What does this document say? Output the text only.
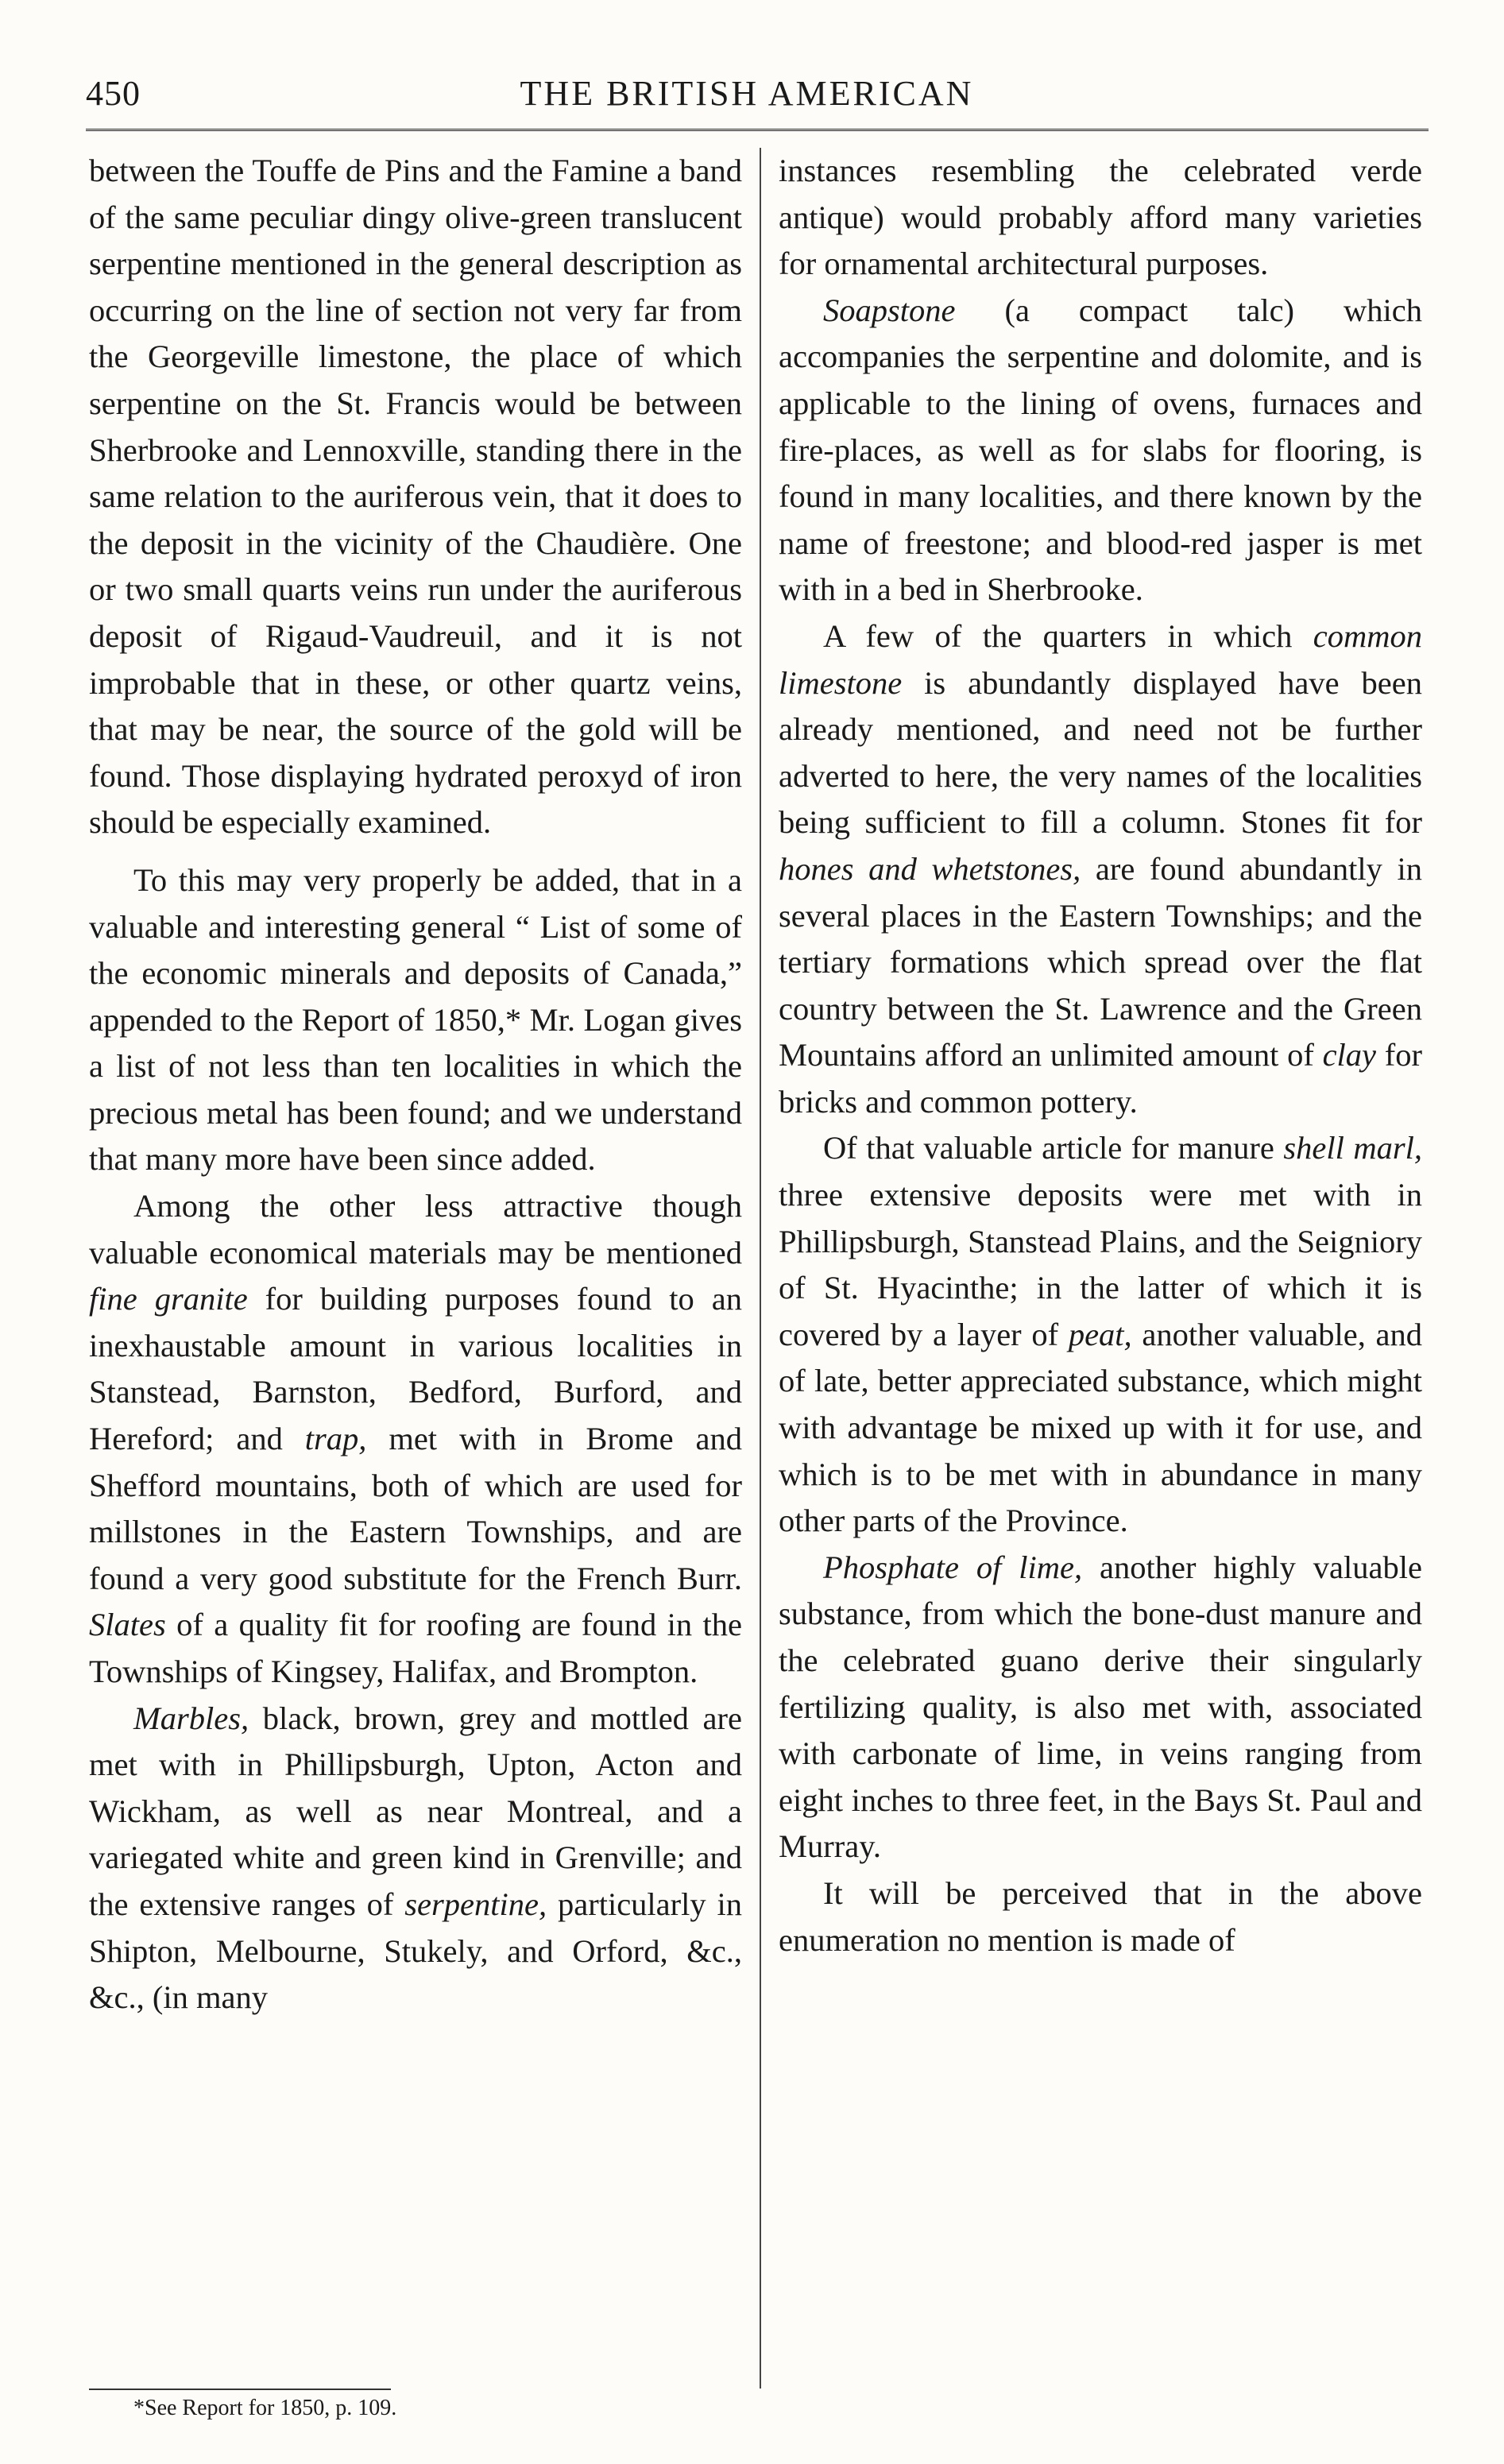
450	THE BRITISH AMERICAN

between the Touffe de Pins and the Famine a band of the same peculiar dingy olive-green translucent serpentine mentioned in the general description as occurring on the line of section not very far from the Georgeville limestone, the place of which serpentine on the St. Francis would be between Sherbrooke and Lennoxville, standing there in the same relation to the auriferous vein, that it does to the deposit in the vicinity of the Chaudière. One or two small quarts veins run under the auriferous deposit of Rigaud-Vaudreuil, and it is not improbable that in these, or other quartz veins, that may be near, the source of the gold will be found. Those displaying hydrated peroxyd of iron should be especially examined.

To this may very properly be added, that in a valuable and interesting general “ List of some of the economic minerals and deposits of Canada,” appended to the Report of 1850,* Mr. Logan gives a list of not less than ten localities in which the precious metal has been found; and we understand that many more have been since added.

Among the other less attractive though valuable economical materials may be mentioned fine granite for building purposes found to an inexhaustable amount in various localities in Stanstead, Barnston, Bedford, Burford, and Hereford; and trap, met with in Brome and Shefford mountains, both of which are used for millstones in the Eastern Townships, and are found a very good substitute for the French Burr. Slates of a quality fit for roofing are found in the Townships of Kingsey, Halifax, and Brompton.

Marbles, black, brown, grey and mottled are met with in Phillipsburgh, Upton, Acton and Wickham, as well as near Montreal, and a variegated white and green kind in Grenville; and the extensive ranges of serpentine, particularly in Shipton, Melbourne, Stukely, and Orford, &c., &c., (in many

instances resembling the celebrated verde antique) would probably afford many varieties for ornamental architectural purposes.

Soapstone (a compact talc) which accompanies the serpentine and dolomite, and is applicable to the lining of ovens, furnaces and fire-places, as well as for slabs for flooring, is found in many localities, and there known by the name of freestone; and blood-red jasper is met with in a bed in Sherbrooke.

A few of the quarters in which common limestone is abundantly displayed have been already mentioned, and need not be further adverted to here, the very names of the localities being sufficient to fill a column. Stones fit for hones and whetstones, are found abundantly in several places in the Eastern Townships; and the tertiary formations which spread over the flat country between the St. Lawrence and the Green Mountains afford an unlimited amount of clay for bricks and common pottery.

Of that valuable article for manure shell marl, three extensive deposits were met with in Phillipsburgh, Stanstead Plains, and the Seigniory of St. Hyacinthe; in the latter of which it is covered by a layer of peat, another valuable, and of late, better appreciated substance, which might with advantage be mixed up with it for use, and which is to be met with in abundance in many other parts of the Province.

Phosphate of lime, another highly valuable substance, from which the bone-dust manure and the celebrated guano derive their singularly fertilizing quality, is also met with, associated with carbonate of lime, in veins ranging from eight inches to three feet, in the Bays St. Paul and Murray.

It will be perceived that in the above enumeration no mention is made of

*See Report for 1850, p. 109.
